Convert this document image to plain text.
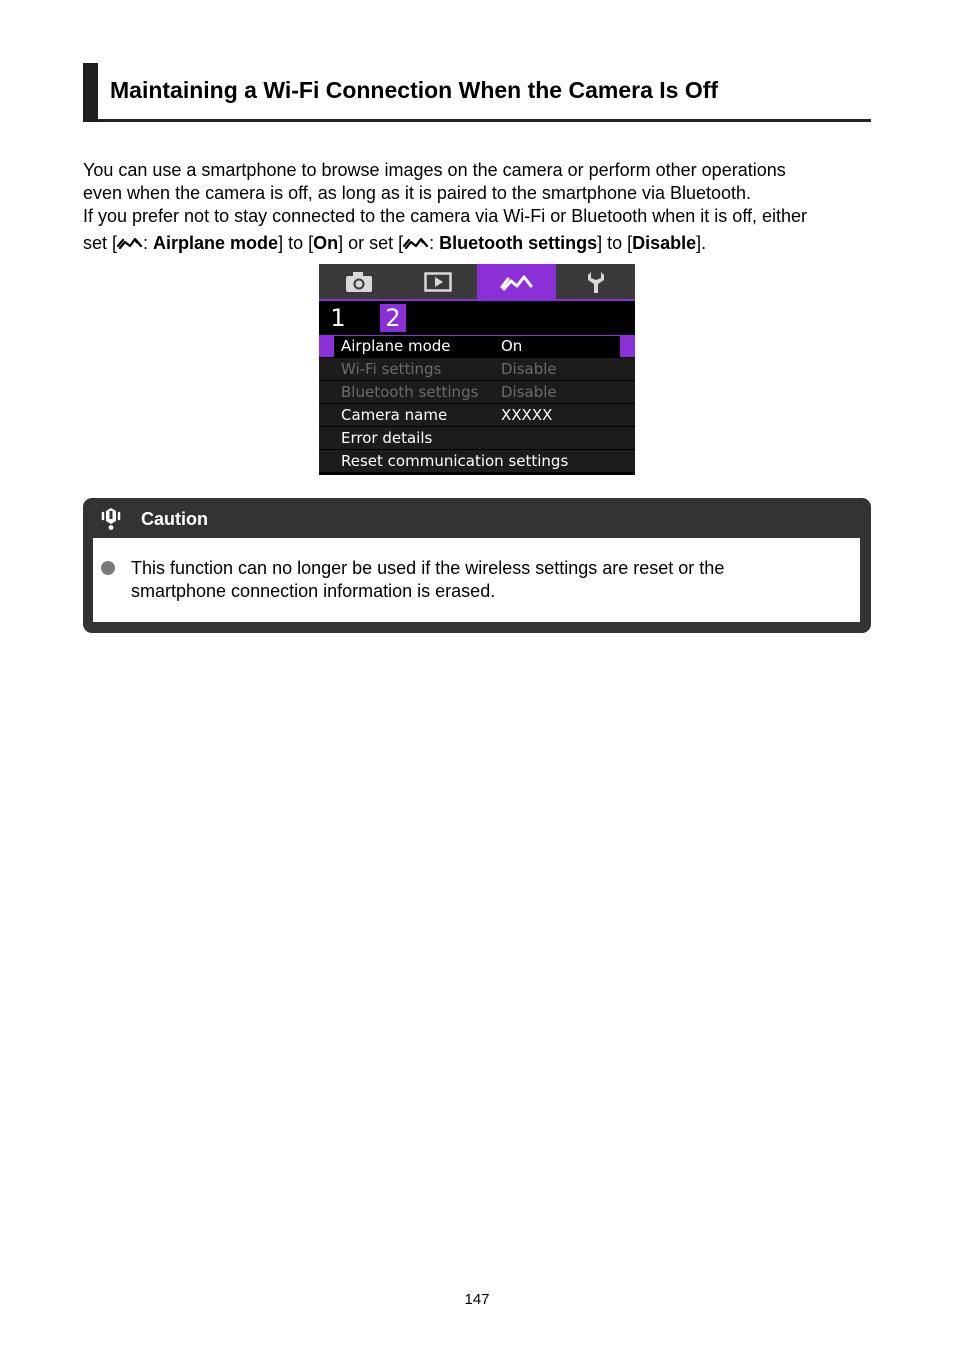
Maintaining a Wi-Fi Connection When the Camera Is Off

You can use a smartphone to browse images on the camera or perform other operations

even when the camera is off, as long as it is paired to the smartphone via Bluetooth.

If you prefer not to stay connected to the camera via Wi-Fi or Bluetooth when it is off, either

set [ : Airplane mode] to [On] or set [ : Bluetooth settings] to [Disable].

1 2
Airplane mode	On
Wi-Fi settings	Disable
Bluetooth settings Disable
Camera name	XXXXX
Error details
Reset communication settings
Caution
This function can no longer be used if the wireless settings are reset or the
smartphone connection information is erased.
147
